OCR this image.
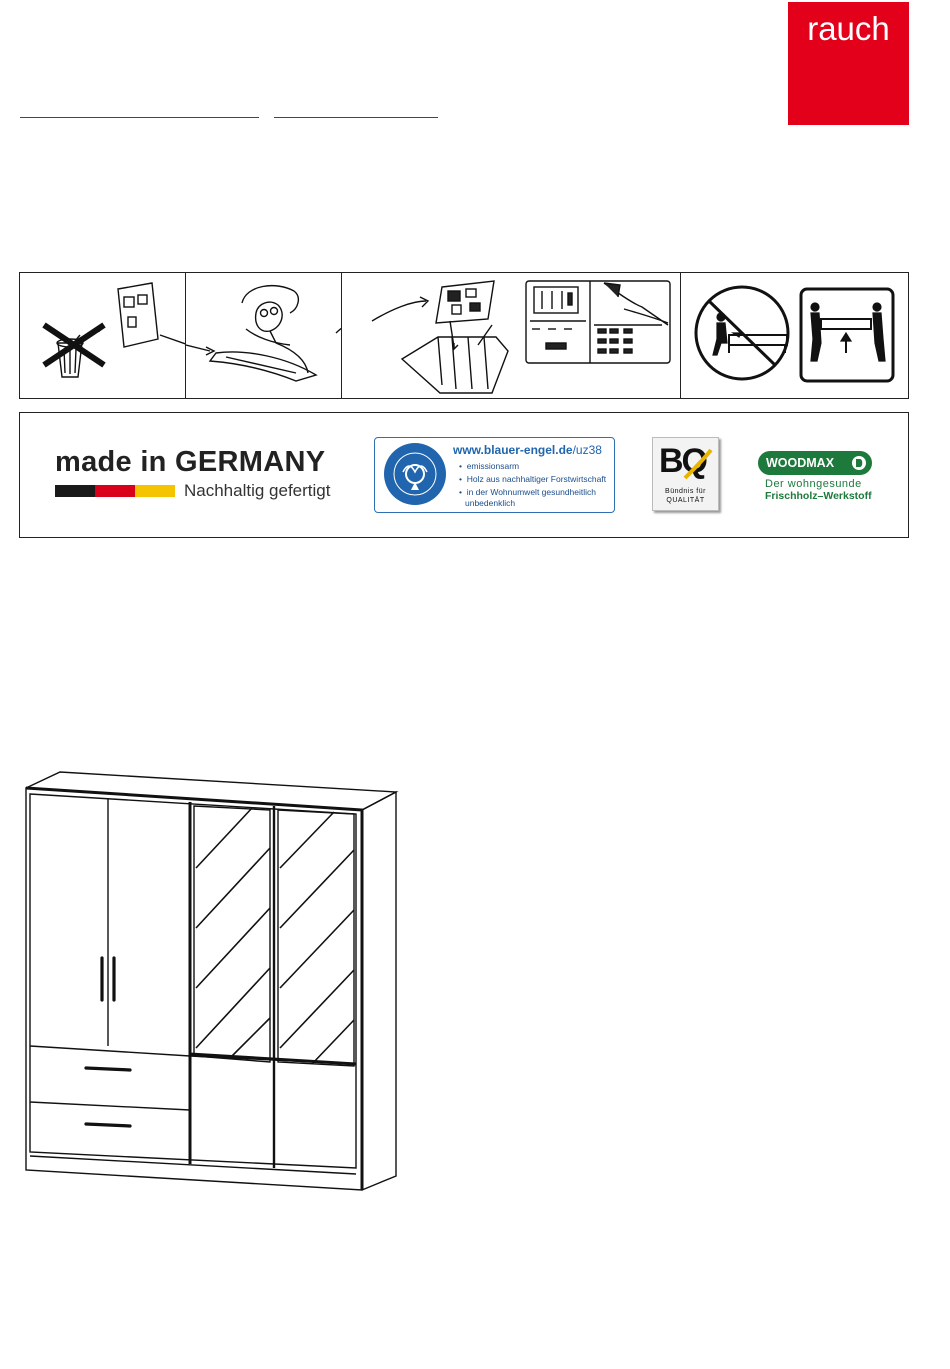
rauch
made in GERMANY
Nachhaltig gefertigt
www.blauer-engel.de/uz38
•  emissionsarm
•  Holz aus nachhaltiger Forstwirtschaft
•  in der Wohnumwelt gesundheitlich
unbedenklich
BQ
Bündnis für
QUALITÄT
WOODMAX
Der wohngesunde
Frischholz–Werkstoff
